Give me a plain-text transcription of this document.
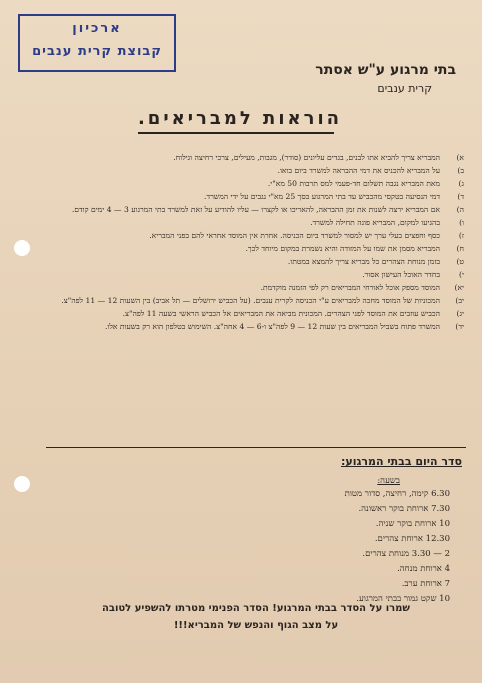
ארכיון
קבוצת קרית ענבים
בתי מרגוע ע"ש אסתר
קרית ענבים
הוראות למבריאים.
א)
המבריא צריך להביא אתו לבנים, בגדים עליונים (סודר), מגבות, מעילים, צרכי רחיצה וגילוח.
ב)
על המבריא להכניס את דמי ההבראה למשרד ביום בואו.
ג)
מאת המבריא נגבה תשלום חד-פעמי למס תרבות 50 מא"י.
ד)
דמי הנסיעה בטקסי מהכביש עד בתי המרגוע בסך 25 מא"י נגבים על ידי המשרד.
ה)
אם המבריא ירצה לשנות את זמן ההבראה, להאריכו או לקצרו — עליו להודיע על זאת למשרד בתי המרגוע 3 — 4 ימים קודם.
ו)
בהגיעו למקום, המבריא פונה תחילה למשרד.
ז)
כסף וחפצים בעלי ערך יש למסור למשרד ביום הכניסה. אחרת אין המוסד אחראי להם בפני המבריא.
ח)
המבריא מסמן את שמו על המזודה והיא נשמרת במקום מיוחד לכך.
ט)
בזמן מנוחת הצהרים כל מבריא צריך להמצא במטתו.
י)
בחדר האוכל העישון אסור.
יא)
המוסד מספק אוכל לאורחי המבריאים רק לפי הזמנה מוקדמת.
יב)
המכוניות של המוסד מחכה למבריאים ע"י הכניסה לקרית ענבים. (על הכביש ירושלים — תל אביב) בין השעות 12 — 11 לפה"צ.
יג)
הכביש עוזבים את המוסד לפני הצהרים. המכונית מביאה את המבריאים אל הכביש הראשי בשעה 11 לפה"צ.
יד)
המשרד פתוח בשביל המבריאים בין שעות 12 — 9 לפה"צ ו-6 — 4 אחה"צ. השימוש בטלפון הוא רק בשעות אלו.
סדר היום בבתי המרגוע:
בשעה:
6.30 קימה, רחיצה, סדור מטות
7.30 ארוחת בוקר ראשונה.
10 ארוחת בוקר שניה.
12.30 ארוחת צהרים.
2 — 3.30 מנוחת צהרים.
4 ארוחת מנחה.
7 ארוחת ערב.
10 שקט גמור בבתי המרגוע.
שמרו על הסדר בבתי המרגוע! הסדר הפנימי מטרתו להשפיע לטובה
על מצב הגוף והנפש של המבריא!!!
